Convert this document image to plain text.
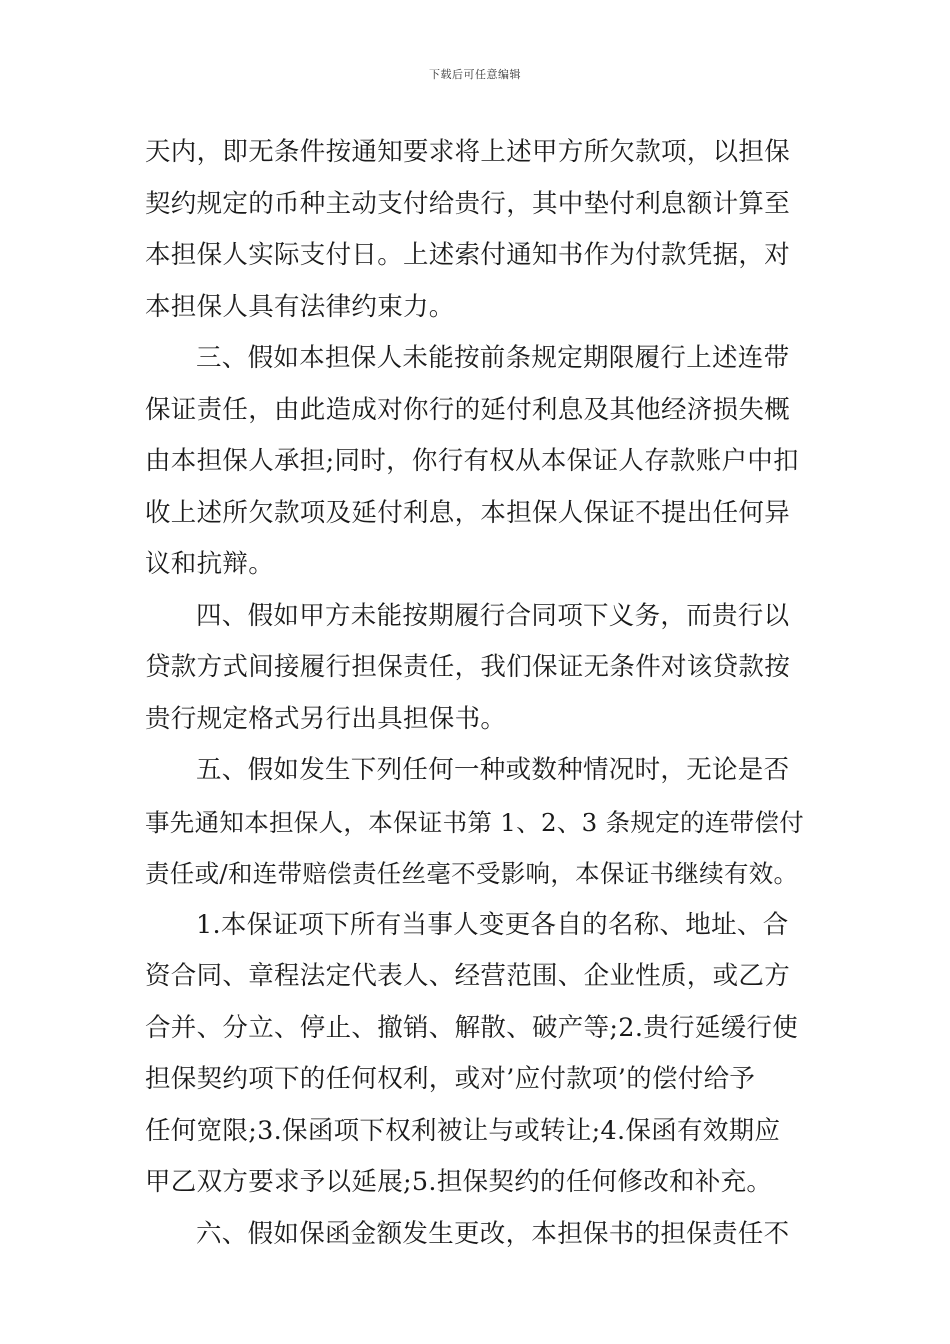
下载后可任意编辑
天内，即无条件按通知要求将上述甲方所欠款项，以担保
契约规定的币种主动支付给贵行，其中垫付利息额计算至
本担保人实际支付日。上述索付通知书作为付款凭据，对
本担保人具有法律约束力。
三、假如本担保人未能按前条规定期限履行上述连带
保证责任，由此造成对你行的延付利息及其他经济损失概
由本担保人承担;同时，你行有权从本保证人存款账户中扣
收上述所欠款项及延付利息，本担保人保证不提出任何异
议和抗辩。
四、假如甲方未能按期履行合同项下义务，而贵行以
贷款方式间接履行担保责任，我们保证无条件对该贷款按
贵行规定格式另行出具担保书。
五、假如发生下列任何一种或数种情况时，无论是否
事先通知本担保人，本保证书第 1、2、3 条规定的连带偿付
责任或/和连带赔偿责任丝毫不受影响，本保证书继续有效。
1.本保证项下所有当事人变更各自的名称、地址、合
资合同、章程法定代表人、经营范围、企业性质，或乙方
合并、分立、停止、撤销、解散、破产等;2.贵行延缓行使
担保契约项下的任何权利，或对’应付款项’的偿付给予
任何宽限;3.保函项下权利被让与或转让;4.保函有效期应
甲乙双方要求予以延展;5.担保契约的任何修改和补充。
六、假如保函金额发生更改，本担保书的担保责任不
